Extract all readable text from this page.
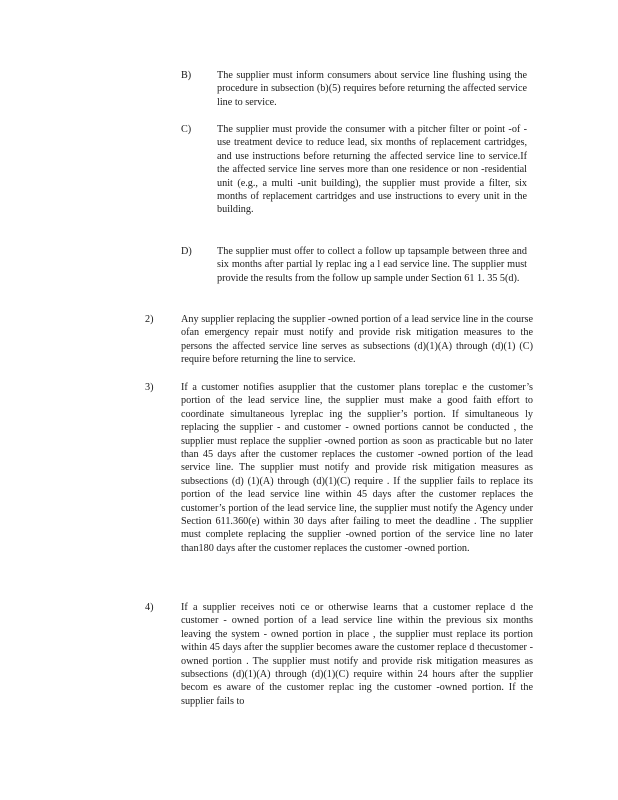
B)	The supplier must inform consumers about service line flushing using the procedure in subsection (b)(5) requires before returning the affected service line to service.
C)	The supplier must provide the consumer with a pitcher filter or point -of -use treatment device to reduce lead, six months of replacement cartridges, and use instructions before returning the affected service line to service.If the affected service line serves more than one residence or non -residential unit (e.g., a multi -unit building), the supplier must provide a filter, six months of replacement cartridges and use instructions to every unit in the building.
D) The supplier must offer to collect a follow up tapsample between three and six months after partial ly replac ing a l ead service line. The supplier must provide the results from the follow up sample under Section 61 1. 35 5(d).
2)	Any supplier replacing the supplier -owned portion of a lead service line in the course ofan emergency repair must notify and provide risk mitigation measures to the persons the affected service line serves as subsections (d)(1)(A) through (d)(1) (C) require before returning the line to service.
3)	If a customer notifies asupplier that the customer plans toreplac e the customer’s portion of the lead service line, the supplier must make a good faith effort to coordinate simultaneous lyreplac ing the supplier’s portion. If simultaneous ly replacing the supplier - and customer - owned portions cannot be conducted , the supplier must replace the supplier -owned portion as soon as practicable but no later than 45 days after the customer replaces the customer -owned portion of the lead service line. The supplier must notify and provide risk mitigation measures as subsections (d) (1)(A) through (d)(1)(C) require . If the supplier fails to replace its portion of the lead service line within 45 days after the customer replaces the customer’s portion of the lead service line, the supplier must notify the Agency under Section 611.360(e) within 30 days after failing to meet the deadline . The supplier must complete replacing the supplier -owned portion of the service line no later than180 days after the customer replaces the customer -owned portion.
4)	If a supplier receives noti ce or otherwise learns that a customer replace d the customer - owned portion of a lead service line within the previous six months leaving the system - owned portion in place , the supplier must replace its portion within 45 days after the supplier becomes aware the customer replace d thecustomer - owned portion . The supplier must notify and provide risk mitigation measures as subsections (d)(1)(A) through (d)(1)(C) require within 24 hours after the supplier becom es aware of the customer replac ing the customer -owned portion. If the supplier fails to
